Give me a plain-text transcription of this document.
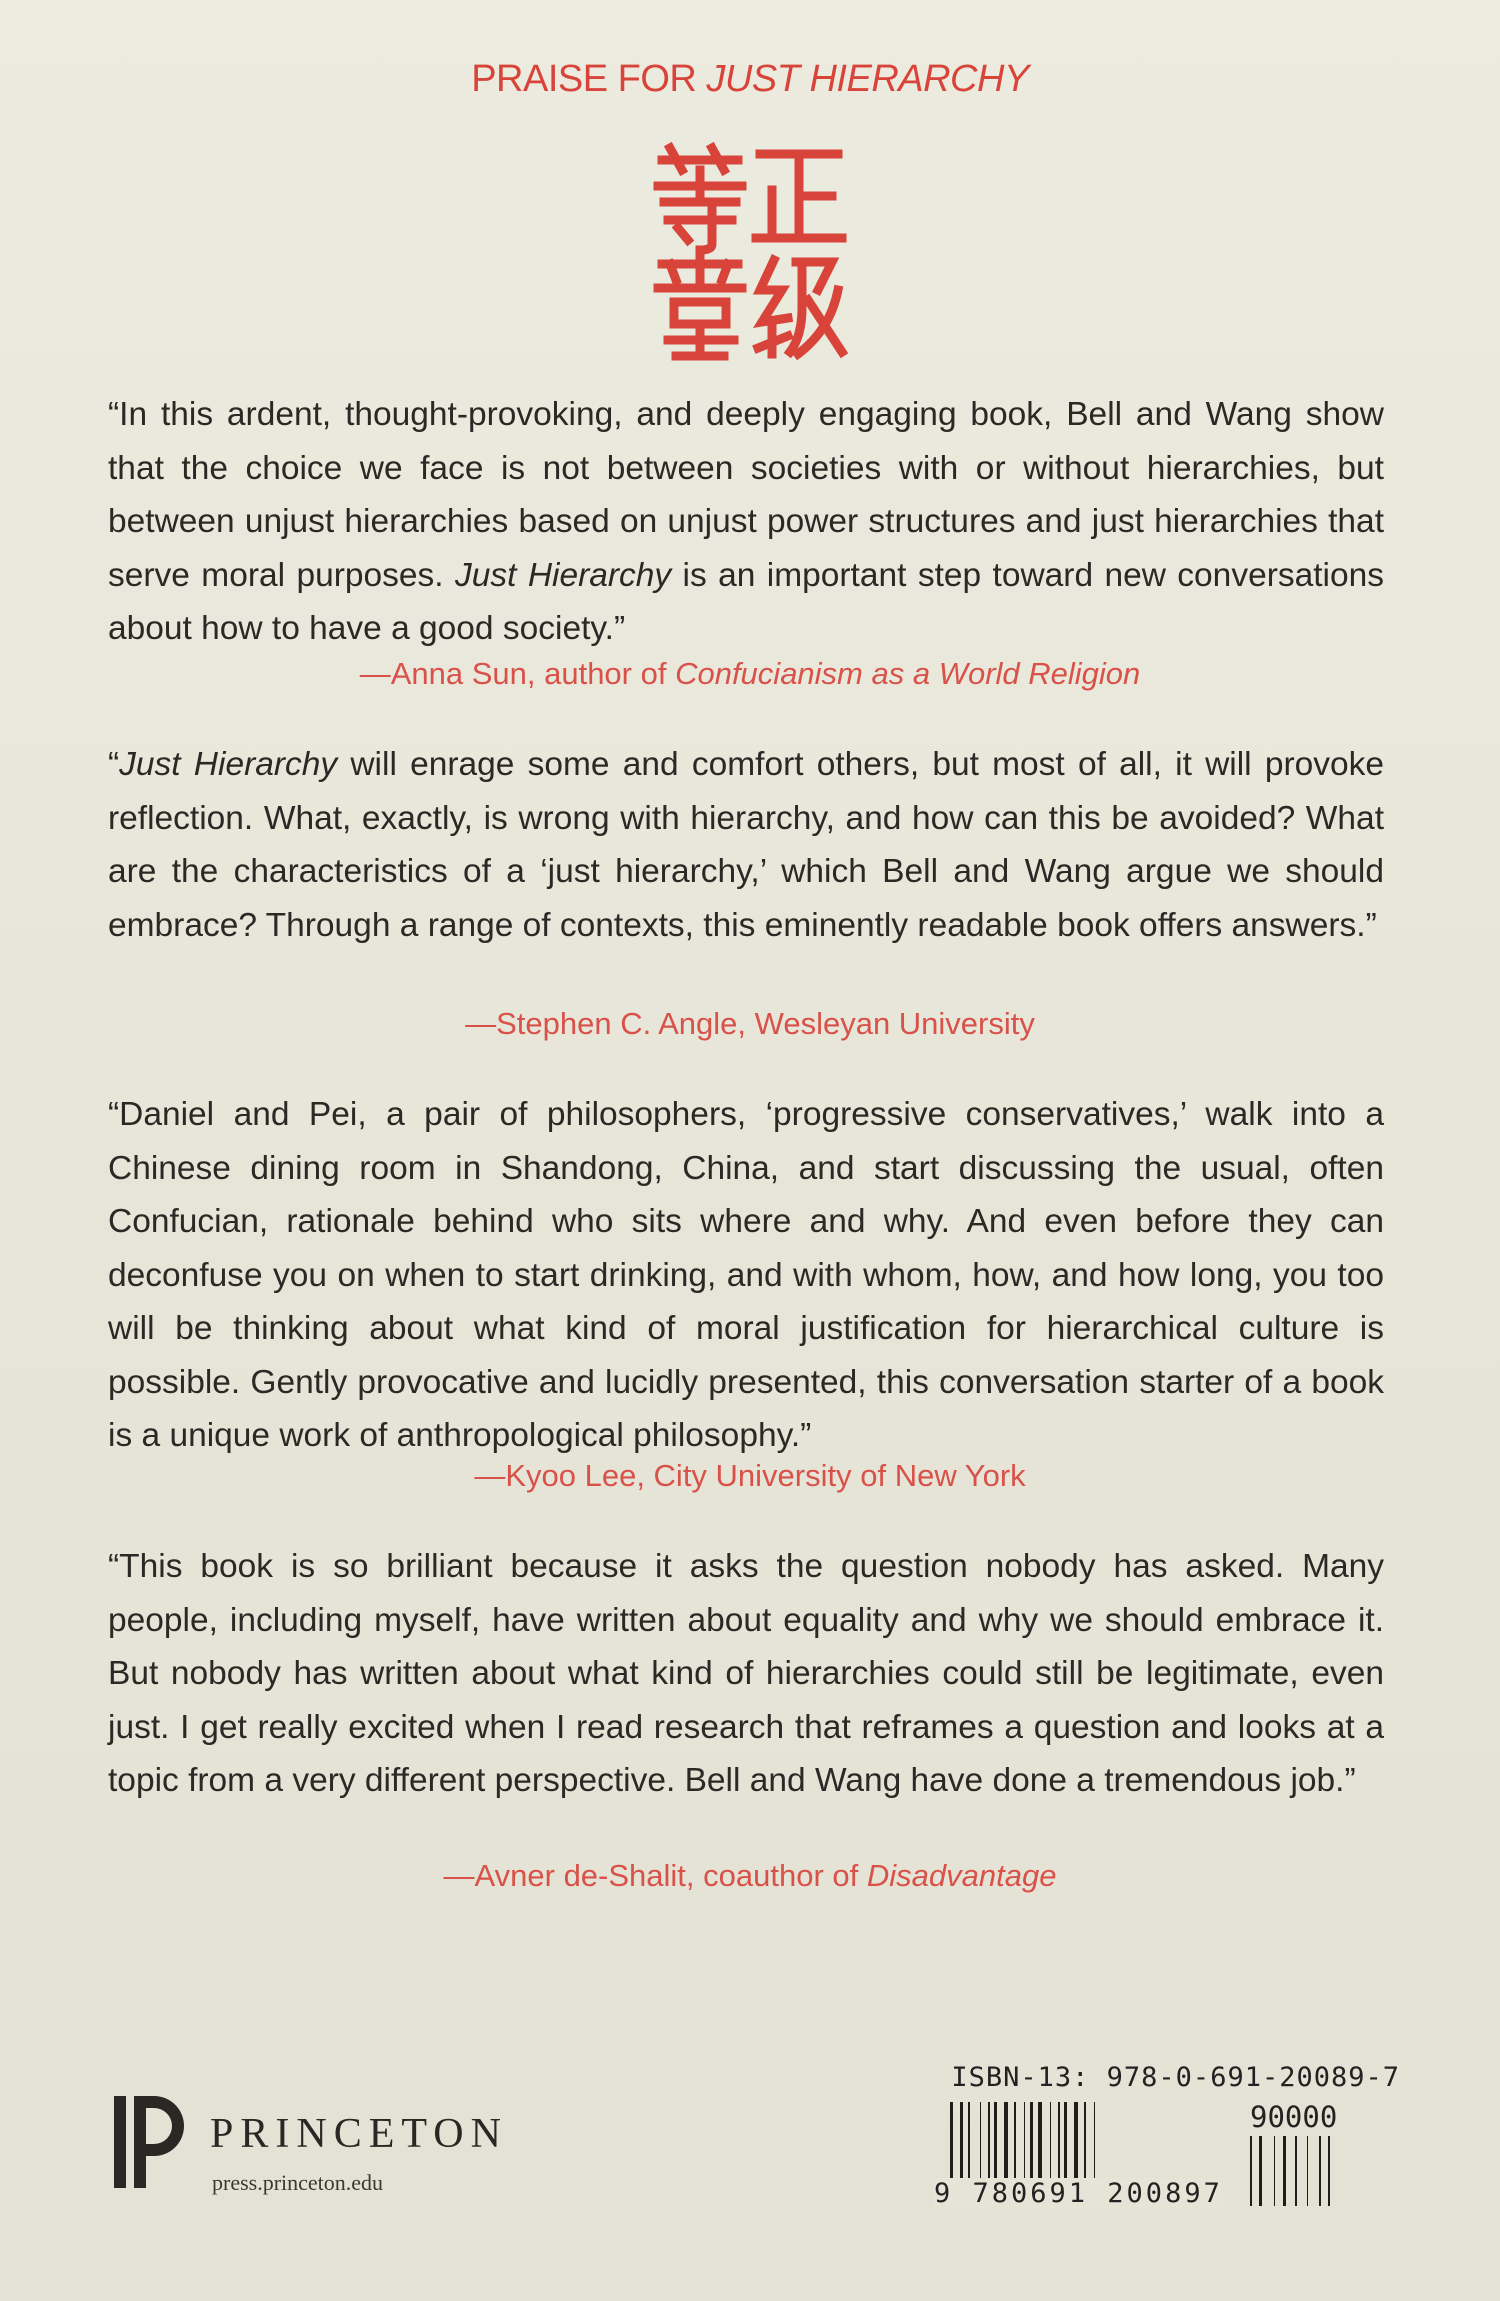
PRAISE FOR JUST HIERARCHY
“In this ardent, thought-provoking, and deeply engaging book, Bell and Wang show that the choice we face is not between societies with or without hierarchies, but between unjust hierarchies based on unjust power structures and just hierarchies that serve moral purposes. Just Hierarchy is an important step toward new conversations about how to have a good society.”
—Anna Sun, author of Confucianism as a World Religion
“Just Hierarchy will enrage some and comfort others, but most of all, it will provoke reflection. What, exactly, is wrong with hierarchy, and how can this be avoided? What are the characteristics of a ‘just hierarchy,’ which Bell and Wang argue we should embrace? Through a range of contexts, this eminently readable book offers answers.”
—Stephen C. Angle, Wesleyan University
“Daniel and Pei, a pair of philosophers, ‘progressive conservatives,’ walk into a Chinese dining room in Shandong, China, and start discussing the usual, often Confucian, rationale behind who sits where and why. And even before they can deconfuse you on when to start drinking, and with whom, how, and how long, you too will be thinking about what kind of moral justification for hierarchical culture is possible. Gently provocative and lucidly presented, this conversation starter of a book is a unique work of anthropological philosophy.”
—Kyoo Lee, City University of New York
“This book is so brilliant because it asks the question nobody has asked. Many people, including myself, have written about equality and why we should embrace it. But nobody has written about what kind of hierarchies could still be legitimate, even just. I get really excited when I read research that reframes a question and looks at a topic from a very different perspective. Bell and Wang have done a tremendous job.”
—Avner de-Shalit, coauthor of Disadvantage
PRINCETON
press.princeton.edu
ISBN-13: 978-0-691-20089-7
90000
9 780691 200897
